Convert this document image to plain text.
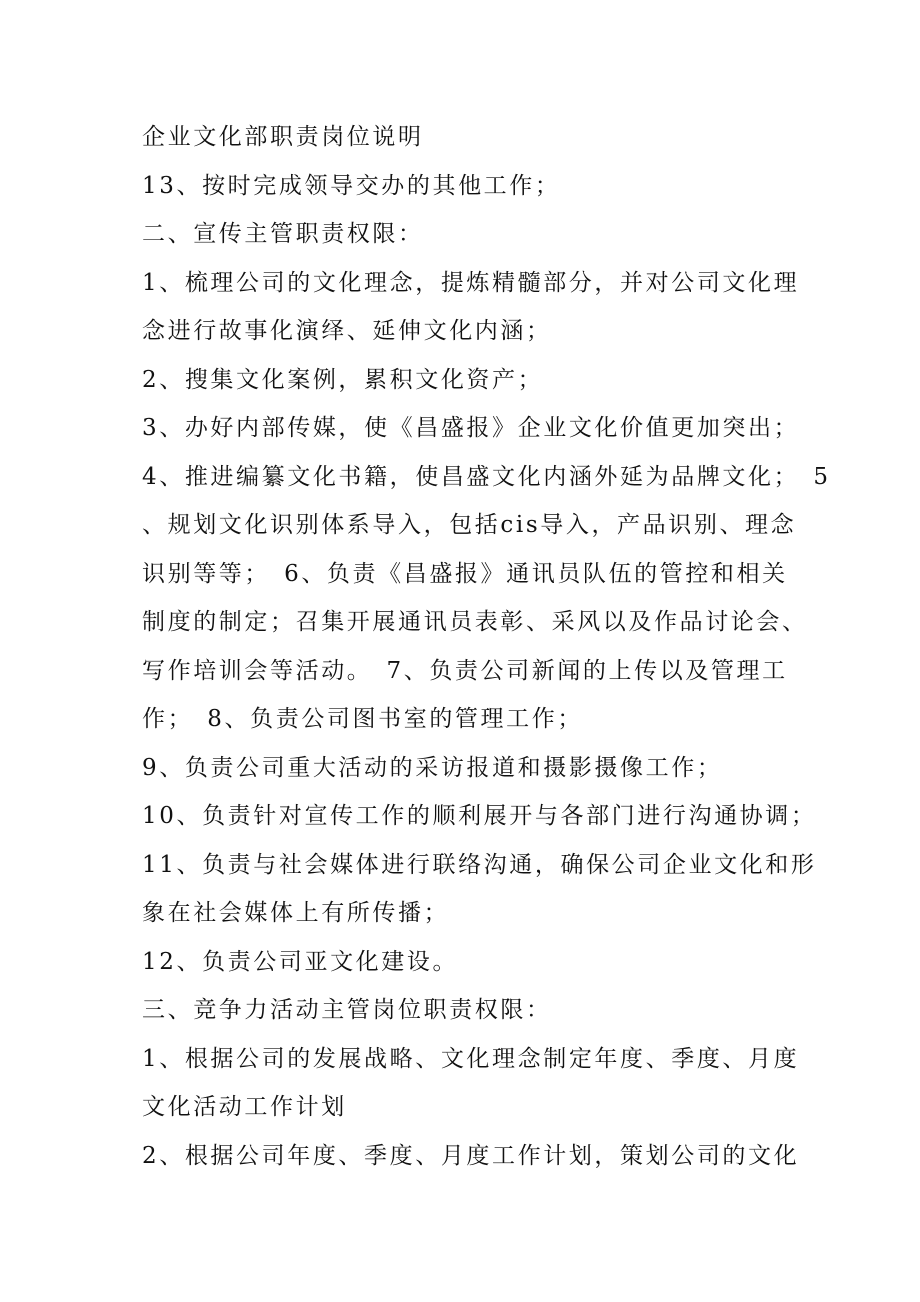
企业文化部职责岗位说明
13、按时完成领导交办的其他工作；
二、宣传主管职责权限：
1、梳理公司的文化理念，提炼精髓部分，并对公司文化理
念进行故事化演绎、延伸文化内涵；
2、搜集文化案例，累积文化资产；
3、办好内部传媒，使《昌盛报》企业文化价值更加突出；
4、推进编纂文化书籍，使昌盛文化内涵外延为品牌文化；　5
、规划文化识别体系导入，包括cis导入，产品识别、理念
识别等等；　6、负责《昌盛报》通讯员队伍的管控和相关
制度的制定；召集开展通讯员表彰、采风以及作品讨论会、
写作培训会等活动。　7、负责公司新闻的上传以及管理工
作；　8、负责公司图书室的管理工作；
9、负责公司重大活动的采访报道和摄影摄像工作；
10、负责针对宣传工作的顺利展开与各部门进行沟通协调；
11、负责与社会媒体进行联络沟通，确保公司企业文化和形
象在社会媒体上有所传播；
12、负责公司亚文化建设。
三、竞争力活动主管岗位职责权限：
1、根据公司的发展战略、文化理念制定年度、季度、月度
文化活动工作计划
2、根据公司年度、季度、月度工作计划，策划公司的文化
